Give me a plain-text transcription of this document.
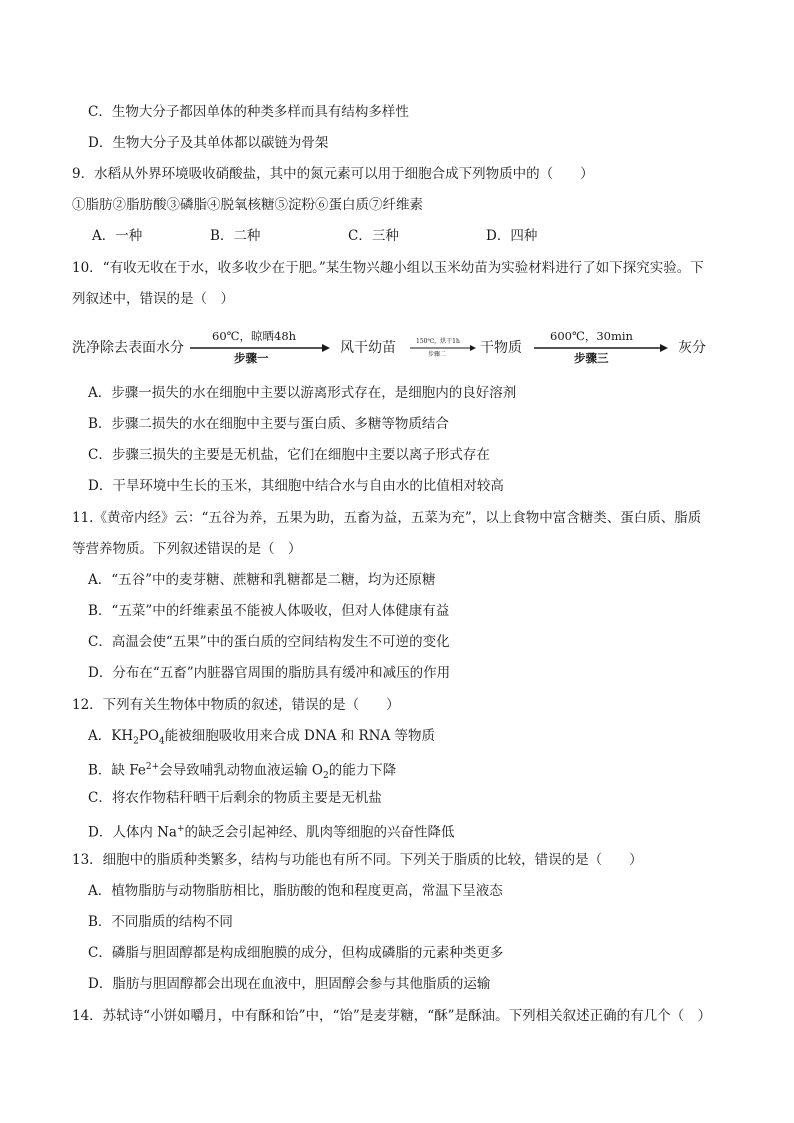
C．生物大分子都因单体的种类多样而具有结构多样性
D．生物大分子及其单体都以碳链为骨架
9．水稻从外界环境吸收硝酸盐，其中的氮元素可以用于细胞合成下列物质中的（　　）
①脂肪②脂肪酸③磷脂④脱氧核糖⑤淀粉⑥蛋白质⑦纤维素
A．一种	B．二种	C．三种	D．四种
10．“有收无收在于水，收多收少在于肥。”某生物兴趣小组以玉米幼苗为实验材料进行了如下探究实验。下
列叙述中，错误的是（　）
洗净除去表面水分
60℃，晾晒48h
步骤一
风干幼苗	150℃，烘干1h
步骤二 干物质
600℃，30min
步骤三
灰分
A．步骤一损失的水在细胞中主要以游离形式存在，是细胞内的良好溶剂
B．步骤二损失的水在细胞中主要与蛋白质、多糖等物质结合
C．步骤三损失的主要是无机盐，它们在细胞中主要以离子形式存在
D．干旱环境中生长的玉米，其细胞中结合水与自由水的比值相对较高
11.《黄帝内经》云：“五谷为养，五果为助，五畜为益，五菜为充”，以上食物中富含糖类、蛋白质、脂质
等营养物质。下列叙述错误的是（　）
A．“五谷”中的麦芽糖、蔗糖和乳糖都是二糖，均为还原糖
B．“五菜”中的纤维素虽不能被人体吸收，但对人体健康有益
C．高温会使“五果”中的蛋白质的空间结构发生不可逆的变化
D．分布在“五畜”内脏器官周围的脂肪具有缓冲和减压的作用
12．下列有关生物体中物质的叙述，错误的是（　　）
A．$KH_2PO_4$能被细胞吸收用来合成 DNA 和 RNA 等物质
B．缺 $Fe^{2+}$会导致哺乳动物血液运输 $O_2$的能力下降
C．将农作物秸秆晒干后剩余的物质主要是无机盐
D．人体内 Na+的缺乏会引起神经、肌肉等细胞的兴奋性降低
13．细胞中的脂质种类繁多，结构与功能也有所不同。下列关于脂质的比较，错误的是（　　）
A．植物脂肪与动物脂肪相比，脂肪酸的饱和程度更高，常温下呈液态
B．不同脂质的结构不同
C．磷脂与胆固醇都是构成细胞膜的成分，但构成磷脂的元素种类更多
D．脂肪与胆固醇都会出现在血液中，胆固醇会参与其他脂质的运输
14．苏轼诗“小饼如嚼月，中有酥和饴”中，“饴”是麦芽糖，“酥”是酥油。下列相关叙述正确的有几个（　）
